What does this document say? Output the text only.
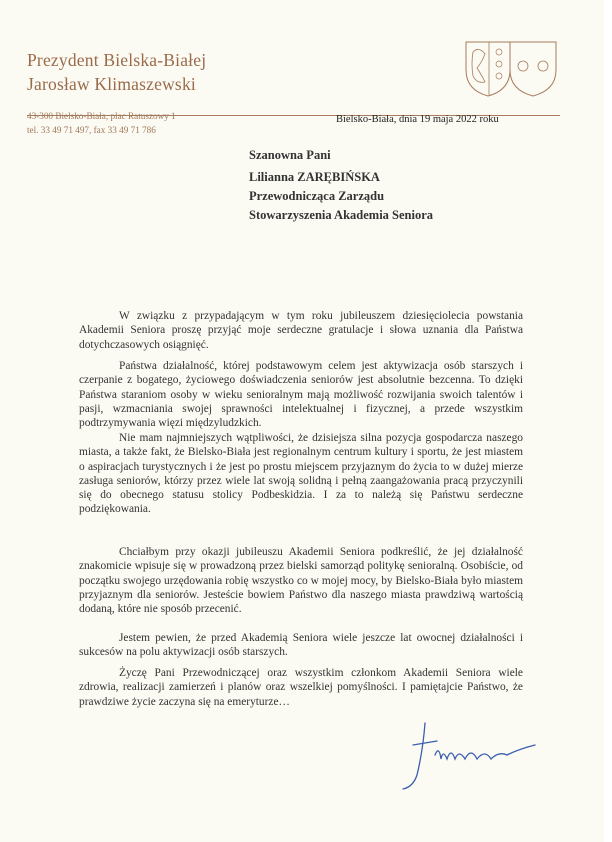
Prezydent Bielska-Białej
Jarosław Klimaszewski
43-300 Bielsko-Biała, plac Ratuszowy 1
tel. 33 49 71 497, fax 33 49 71 786
Bielsko-Biała, dnia 19 maja 2022 roku
Szanowna Pani
Lilianna ZARĘBIŃSKA
Przewodnicząca Zarządu
Stowarzyszenia Akademia Seniora

W związku z przypadającym w tym roku jubileuszem dziesięciolecia powstania Akademii Seniora proszę przyjąć moje serdeczne gratulacje i słowa uznania dla Państwa dotychczasowych osiągnięć.

Państwa działalność, której podstawowym celem jest aktywizacja osób starszych i czerpanie z bogatego, życiowego doświadczenia seniorów jest absolutnie bezcenna. To dzięki Państwa staraniom osoby w wieku senioralnym mają możliwość rozwijania swoich talentów i pasji, wzmacniania swojej sprawności intelektualnej i fizycznej, a przede wszystkim podtrzymywania więzi międzyludzkich.

Nie mam najmniejszych wątpliwości, że dzisiejsza silna pozycja gospodarcza naszego miasta, a także fakt, że Bielsko-Biała jest regionalnym centrum kultury i sportu, że jest miastem o aspiracjach turystycznych i że jest po prostu miejscem przyjaznym do życia to w dużej mierze zasługa seniorów, którzy przez wiele lat swoją solidną i pełną zaangażowania pracą przyczynili się do obecnego statusu stolicy Podbeskidzia. I za to należą się Państwu serdeczne podziękowania.

Chciałbym przy okazji jubileuszu Akademii Seniora podkreślić, że jej działalność znakomicie wpisuje się w prowadzoną przez bielski samorząd politykę senioralną. Osobiście, od początku swojego urzędowania robię wszystko co w mojej mocy, by Bielsko-Biała było miastem przyjaznym dla seniorów. Jesteście bowiem Państwo dla naszego miasta prawdziwą wartością dodaną, które nie sposób przecenić.

Jestem pewien, że przed Akademią Seniora wiele jeszcze lat owocnej działalności i sukcesów na polu aktywizacji osób starszych.

Życzę Pani Przewodniczącej oraz wszystkim członkom Akademii Seniora wiele zdrowia, realizacji zamierzeń i planów oraz wszelkiej pomyślności. I pamiętajcie Państwo, że prawdziwe życie zaczyna się na emeryturze…
